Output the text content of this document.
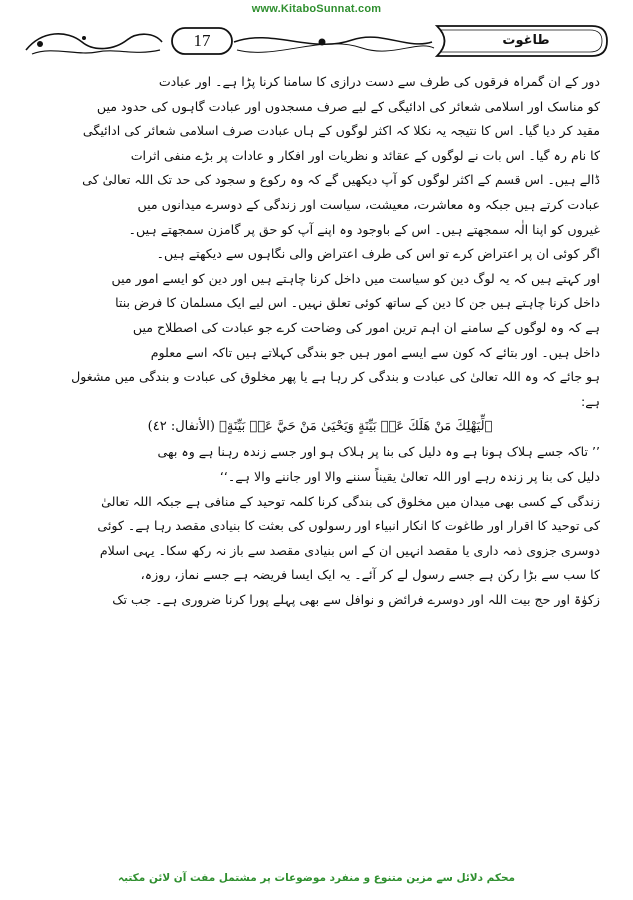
www.KitaboSunnat.com
17	طاغوت

دور کے ان گمراہ فرقوں کی طرف سے دست درازی کا سامنا کرنا پڑا ہے۔ اور عبادت
کو مناسک اور اسلامی شعائر کی ادائیگی کے لیے صرف مسجدوں اور عبادت گاہوں کی حدود میں
مقید کر دیا گیا۔ اس کا نتیجہ یہ نکلا کہ اکثر لوگوں کے ہاں عبادت صرف اسلامی شعائر کی ادائیگی
کا نام رہ گیا۔ اس بات نے لوگوں کے عقائد و نظریات اور افکار و عادات پر بڑے منفی اثرات
ڈالے ہیں۔ اس قسم کے اکثر لوگوں کو آپ دیکھیں گے کہ وہ رکوع و سجود کی حد تک اللہ تعالیٰ کی
عبادت کرتے ہیں جبکہ وہ معاشرت، معیشت، سیاست اور زندگی کے دوسرے میدانوں میں
غیروں کو اپنا الٰہ سمجھتے ہیں۔ اس کے باوجود وہ اپنے آپ کو حق پر گامزن سمجھتے ہیں۔

اگر کوئی ان پر اعتراض کرے تو اس کی طرف اعتراض والی نگاہوں سے دیکھتے ہیں۔
اور کہتے ہیں کہ یہ لوگ دین کو سیاست میں داخل کرنا چاہتے ہیں اور دین کو ایسے امور میں
داخل کرنا چاہتے ہیں جن کا دین کے ساتھ کوئی تعلق نہیں۔ اس لیے ایک مسلمان کا فرض بنتا
ہے کہ وہ لوگوں کے سامنے ان اہم ترین امور کی وضاحت کرے جو عبادت کی اصطلاح میں
داخل ہیں۔ اور بتائے کہ کون سے ایسے امور ہیں جو بندگی کہلاتے ہیں تاکہ اسے معلوم
ہو جائے کہ وہ اللہ تعالیٰ کی عبادت و بندگی کر رہا ہے یا پھر مخلوق کی عبادت و بندگی میں مشغول
ہے:

﴿لِّيَهْلِكَ مَنْ هَلَكَ عَنۢ بَيِّنَةٍ وَيَحْيَىٰ مَنْ حَيَّ عَنۢ بَيِّنَةٍ﴾ (الأنفال: ٤٢)

’’ تاکہ جسے ہلاک ہونا ہے وہ دلیل کی بنا پر ہلاک ہو اور جسے زندہ رہنا ہے وہ بھی
دلیل کی بنا پر زندہ رہے اور اللہ تعالیٰ یقیناً سننے والا اور جاننے والا ہے۔‘‘

زندگی کے کسی بھی میدان میں مخلوق کی بندگی کرنا کلمہ توحید کے منافی ہے جبکہ اللہ تعالیٰ
کی توحید کا اقرار اور طاغوت کا انکار انبیاء اور رسولوں کی بعثت کا بنیادی مقصد رہا ہے۔ کوئی
دوسری جزوی ذمہ داری یا مقصد انہیں ان کے اس بنیادی مقصد سے باز نہ رکھ سکا۔ یہی اسلام
کا سب سے بڑا رکن ہے جسے رسول لے کر آئے۔ یہ ایک ایسا فریضہ ہے جسے نماز، روزہ،
زکوٰۃ اور حج بیت اللہ اور دوسرے فرائض و نوافل سے بھی پہلے پورا کرنا ضروری ہے۔ جب تک

محکم دلائل سے مزین متنوع و منفرد موضوعات پر مشتمل مفت آن لائن مکتبہ
